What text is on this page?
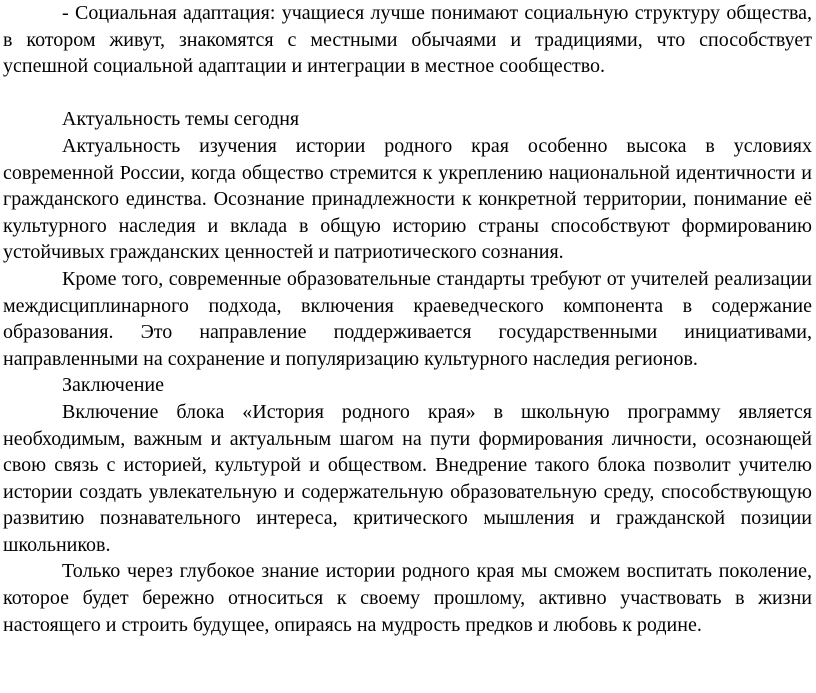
- Социальная адаптация: учащиеся лучше понимают социальную структуру общества, в котором живут, знакомятся с местными обычаями и традициями, что способствует успешной социальной адаптации и интеграции в местное сообщество.

Актуальность темы сегодня

Актуальность изучения истории родного края особенно высока в условиях современной России, когда общество стремится к укреплению национальной идентичности и гражданского единства. Осознание принадлежности к конкретной территории, понимание её культурного наследия и вклада в общую историю страны способствуют формированию устойчивых гражданских ценностей и патриотического сознания.

Кроме того, современные образовательные стандарты требуют от учителей реализации междисциплинарного подхода, включения краеведческого компонента в содержание образования. Это направление поддерживается государственными инициативами, направленными на сохранение и популяризацию культурного наследия регионов.

Заключение

Включение блока «История родного края» в школьную программу является необходимым, важным и актуальным шагом на пути формирования личности, осознающей свою связь с историей, культурой и обществом. Внедрение такого блока позволит учителю истории создать увлекательную и содержательную образовательную среду, способствующую развитию познавательного интереса, критического мышления и гражданской позиции школьников.

Только через глубокое знание истории родного края мы сможем воспитать поколение, которое будет бережно относиться к своему прошлому, активно участвовать в жизни настоящего и строить будущее, опираясь на мудрость предков и любовь к родине.
